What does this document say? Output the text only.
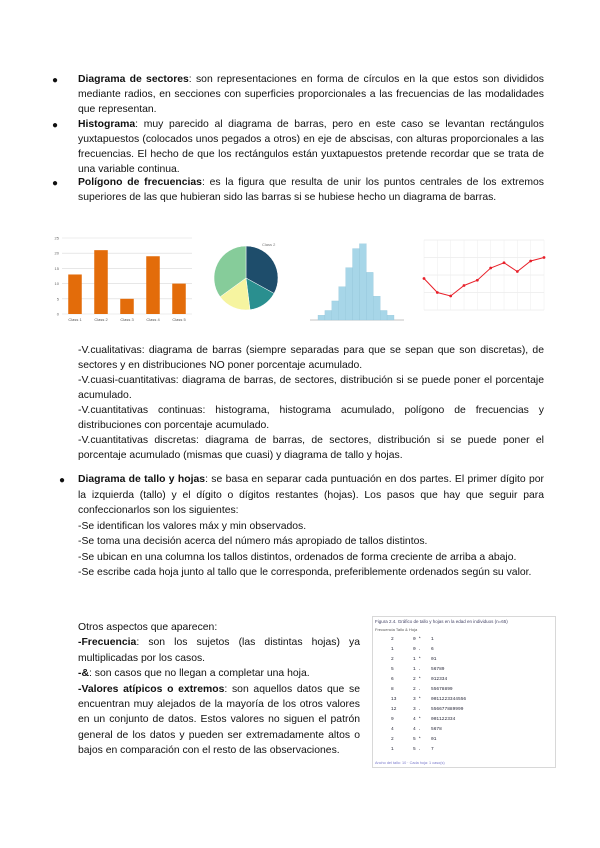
● Diagrama de sectores: son representaciones en forma de círculos en la que estos son divididos mediante radios, en secciones con superficies proporcionales a las frecuencias de las modalidades que representan.

● Histograma: muy parecido al diagrama de barras, pero en este caso se levantan rectángulos yuxtapuestos (colocados unos pegados a otros) en eje de abscisas, con alturas proporcionales a las frecuencias. El hecho de que los rectángulos están yuxtapuestos pretende recordar que se trata de una variable continua.

● Polígono de frecuencias: es la figura que resulta de unir los puntos centrales de los extremos superiores de las que hubieran sido las barras si se hubiese hecho un diagrama de barras.

0
5
10
15
20
25
Class 1	Class 2	Class 3	Class 4	Class 5
Class 2

-V.cualitativas: diagrama de barras (siempre separadas para que se sepan que son discretas), de sectores y en distribuciones NO poner porcentaje acumulado.

-V.cuasi-cuantitativas: diagrama de barras, de sectores, distribución si se puede poner el porcentaje acumulado.

-V.cuantitativas continuas: histograma, histograma acumulado, polígono de frecuencias y distribuciones con porcentaje acumulado.

-V.cuantitativas discretas: diagrama de barras, de sectores, distribución si se puede poner el porcentaje acumulado (mismas que cuasi) y diagrama de tallo y hojas.

● Diagrama de tallo y hojas: se basa en separar cada puntuación en dos partes. El primer dígito por la izquierda (tallo) y el dígito o dígitos restantes (hojas). Los pasos que hay que seguir para confeccionarlos son los siguientes:
-Se identifican los valores máx y min observados.
-Se toma una decisión acerca del número más apropiado de tallos distintos.
-Se ubican en una columna los tallos distintos, ordenados de forma creciente de arriba a abajo.
-Se escribe cada hoja junto al tallo que le corresponda, preferiblemente ordenados según su valor.

Otros aspectos que aparecen:
-Frecuencia: son los sujetos (las distintas hojas) ya multiplicadas por los casos.
-&: son casos que no llegan a completar una hoja.
-Valores atípicos o extremos: son aquellos datos que se encuentran muy alejados de la mayoría de los otros valores en un conjunto de datos. Estos valores no siguen el patrón general de los datos y pueden ser extremadamente altos o bajos en comparación con el resto de las observaciones.

Figura 2.4. Gráfico de tallo y hojas en la edad en individuos (n=65)
Frecuencia Tallo & Hoja
Ancho del tallo: 10 · Cada hoja: 1 caso(s)
2	0 * 1
1	0 . 6
2	1 * 01
5	1 . 56789
6	2 * 012334
8	2 . 55678899
13	3 * 0011223344556
12	3 . 556677889999
9	4 * 001122334
4	4 . 5678
2	5 * 01
1	5 . 7
